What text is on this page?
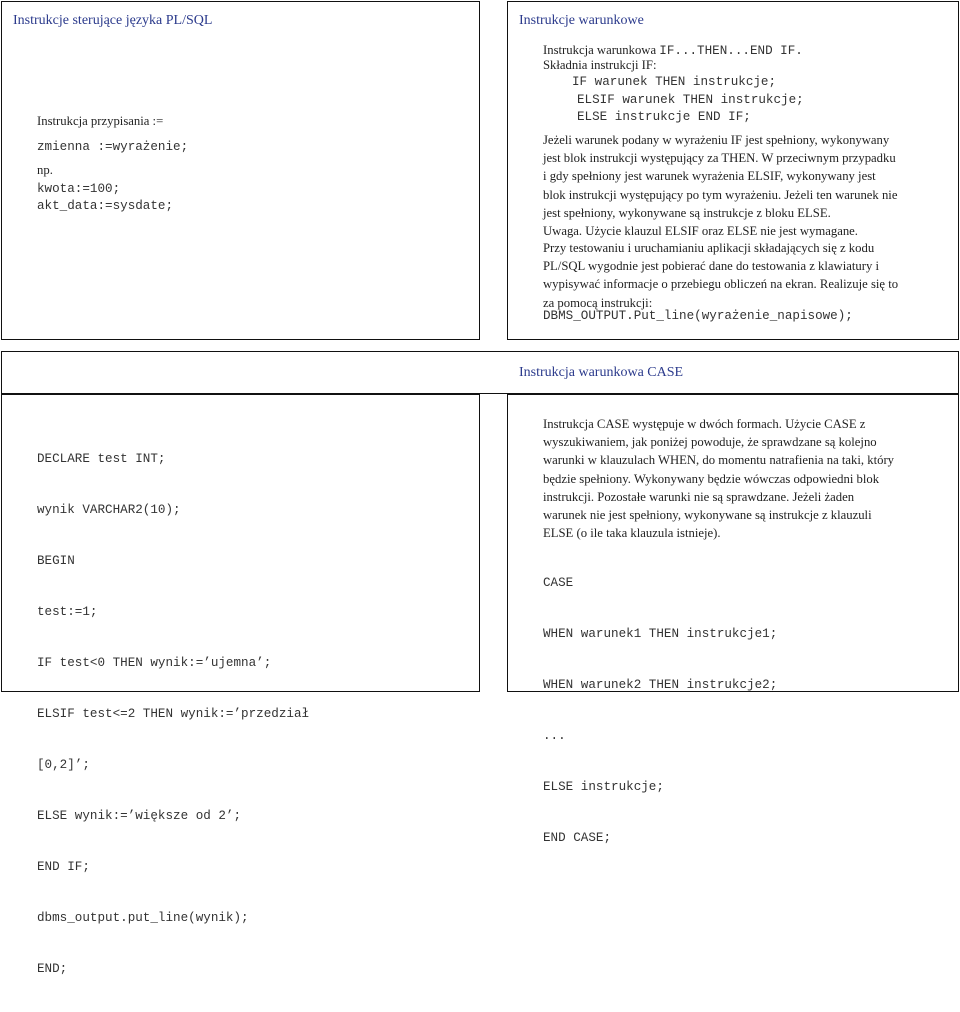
Instrukcje sterujące języka PL/SQL
Instrukcja przypisania :=
zmienna :=wyrażenie;
np.
kwota:=100;
akt_data:=sysdate;
Instrukcje warunkowe
Instrukcja warunkowa IF...THEN...END IF.
Składnia instrukcji IF:
IF warunek THEN instrukcje;
ELSIF warunek THEN instrukcje;
ELSE instrukcje END IF;
Jeżeli warunek podany w wyrażeniu IF jest spełniony, wykonywany
jest blok instrukcji występujący za THEN. W przeciwnym przypadku
i gdy spełniony jest warunek wyrażenia ELSIF, wykonywany jest
blok instrukcji występujący po tym wyrażeniu. Jeżeli ten warunek nie
jest spełniony, wykonywane są instrukcje z bloku ELSE.
Uwaga. Użycie klauzul ELSIF oraz ELSE nie jest wymagane.
Przy testowaniu i uruchamianiu aplikacji składających się z kodu
PL/SQL wygodnie jest pobierać dane do testowania z klawiatury i
wypisywać informacje o przebiegu obliczeń na ekran. Realizuje się to
za pomocą instrukcji:
DBMS_OUTPUT.Put_line(wyrażenie_napisowe);
Instrukcja warunkowa CASE

DECLARE test INT;

wynik VARCHAR2(10);

BEGIN

test:=1;

IF test<0 THEN wynik:=’ujemna’;

ELSIF test<=2 THEN wynik:=’przedział

[0,2]’;

ELSE wynik:=’większe od 2’;

END IF;

dbms_output.put_line(wynik);

END;

Instrukcja CASE występuje w dwóch formach. Użycie CASE z
wyszukiwaniem, jak poniżej powoduje, że sprawdzane są kolejno
warunki w klauzulach WHEN, do momentu natrafienia na taki, który
będzie spełniony. Wykonywany będzie wówczas odpowiedni blok
instrukcji. Pozostałe warunki nie są sprawdzane. Jeżeli żaden
warunek nie jest spełniony, wykonywane są instrukcje z klauzuli
ELSE (o ile taka klauzula istnieje).

CASE

WHEN warunek1 THEN instrukcje1;

WHEN warunek2 THEN instrukcje2;

...

ELSE instrukcje;

END CASE;
